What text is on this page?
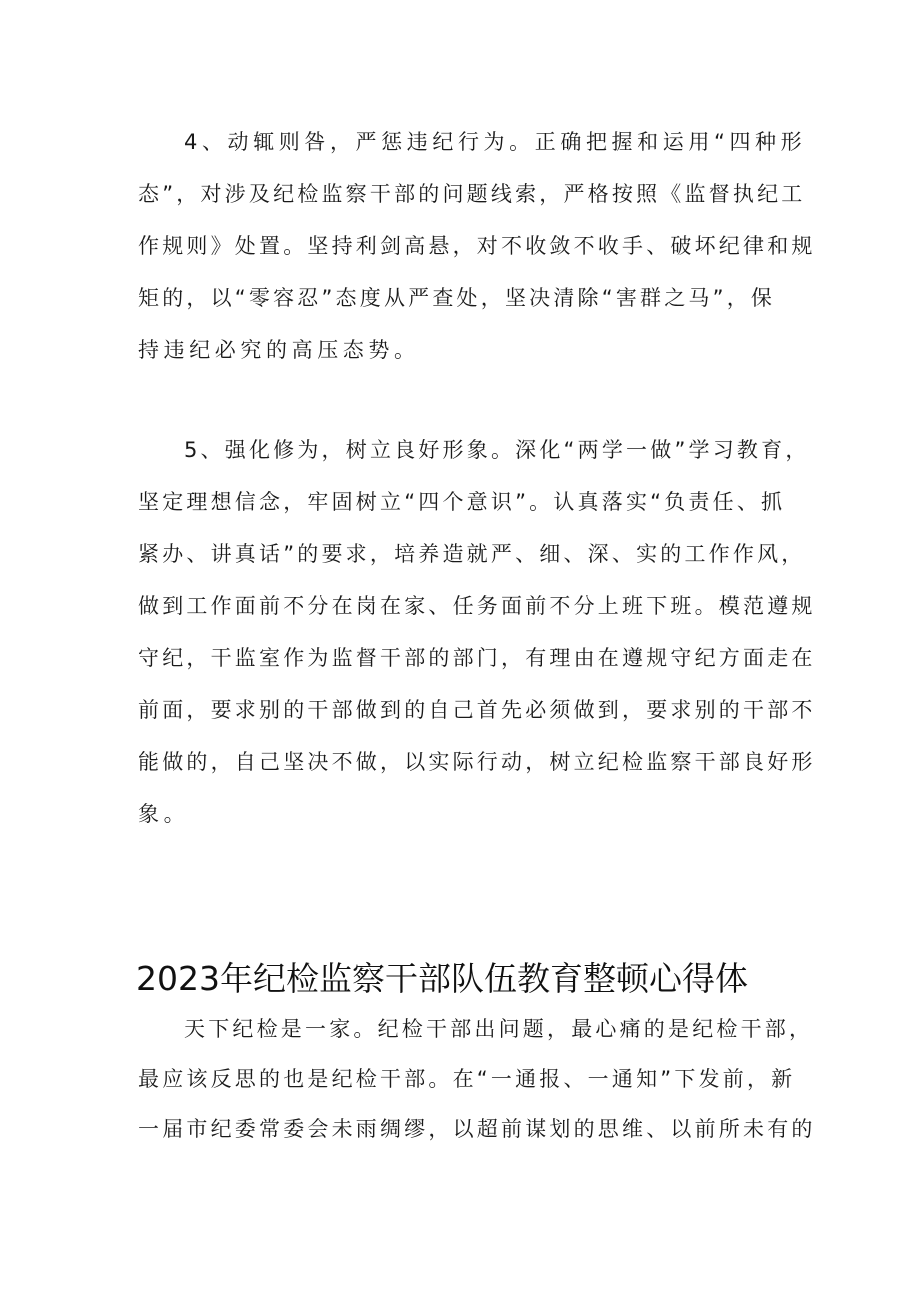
4、动辄则咎，严惩违纪行为。正确把握和运用“四种形
态”，对涉及纪检监察干部的问题线索，严格按照《监督执纪工
作规则》处置。坚持利剑高悬，对不收敛不收手、破坏纪律和规
矩的，以“零容忍”态度从严查处，坚决清除“害群之马”，保
持违纪必究的高压态势。
5、强化修为，树立良好形象。深化“两学一做”学习教育，
坚定理想信念，牢固树立“四个意识”。认真落实“负责任、抓
紧办、讲真话”的要求，培养造就严、细、深、实的工作作风，
做到工作面前不分在岗在家、任务面前不分上班下班。模范遵规
守纪，干监室作为监督干部的部门，有理由在遵规守纪方面走在
前面，要求别的干部做到的自己首先必须做到，要求别的干部不
能做的，自己坚决不做，以实际行动，树立纪检监察干部良好形
象。
2023年纪检监察干部队伍教育整顿心得体
天下纪检是一家。纪检干部出问题，最心痛的是纪检干部，
最应该反思的也是纪检干部。在“一通报、一通知”下发前，新
一届市纪委常委会未雨绸缪，以超前谋划的思维、以前所未有的
